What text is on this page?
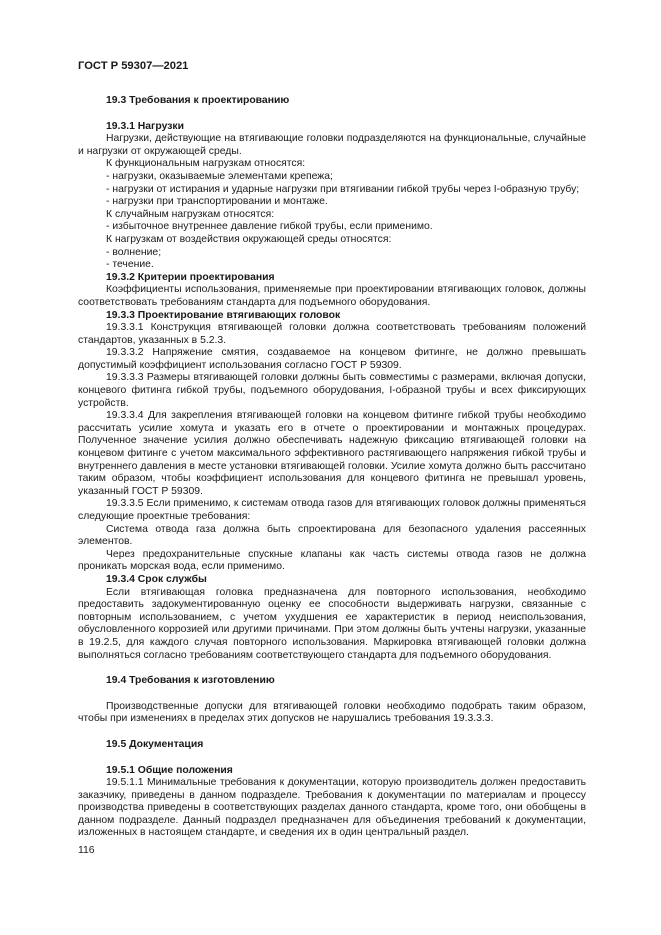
ГОСТ Р 59307—2021

19.3 Требования к проектированию

19.3.1 Нагрузки

Нагрузки, действующие на втягивающие головки подразделяются на функциональные, случайные и нагрузки от окружающей среды.

К функциональным нагрузкам относятся:

- нагрузки, оказываемые элементами крепежа;

- нагрузки от истирания и ударные нагрузки при втягивании гибкой трубы через I-образную трубу;

- нагрузки при транспортировании и монтаже.

К случайным нагрузкам относятся:

- избыточное внутреннее давление гибкой трубы, если применимо.

К нагрузкам от воздействия окружающей среды относятся:

- волнение;

- течение.

19.3.2 Критерии проектирования

Коэффициенты использования, применяемые при проектировании втягивающих головок, должны соответствовать требованиям стандарта для подъемного оборудования.

19.3.3 Проектирование втягивающих головок

19.3.3.1 Конструкция втягивающей головки должна соответствовать требованиям положений стандартов, указанных в 5.2.3.

19.3.3.2 Напряжение смятия, создаваемое на концевом фитинге, не должно превышать допустимый коэффициент использования согласно ГОСТ Р 59309.

19.3.3.3 Размеры втягивающей головки должны быть совместимы с размерами, включая допуски, концевого фитинга гибкой трубы, подъемного оборудования, I-образной трубы и всех фиксирующих устройств.

19.3.3.4 Для закрепления втягивающей головки на концевом фитинге гибкой трубы необходимо рассчитать усилие хомута и указать его в отчете о проектировании и монтажных процедурах. Полученное значение усилия должно обеспечивать надежную фиксацию втягивающей головки на концевом фитинге с учетом максимального эффективного растягивающего напряжения гибкой трубы и внутреннего давления в месте установки втягивающей головки. Усилие хомута должно быть рассчитано таким образом, чтобы коэффициент использования для концевого фитинга не превышал уровень, указанный ГОСТ Р 59309.

19.3.3.5 Если применимо, к системам отвода газов для втягивающих головок должны применяться следующие проектные требования:

Система отвода газа должна быть спроектирована для безопасного удаления рассеянных элементов.

Через предохранительные спускные клапаны как часть системы отвода газов не должна проникать морская вода, если применимо.

19.3.4 Срок службы

Если втягивающая головка предназначена для повторного использования, необходимо предоставить задокументированную оценку ее способности выдерживать нагрузки, связанные с повторным использованием, с учетом ухудшения ее характеристик в период неиспользования, обусловленного коррозией или другими причинами. При этом должны быть учтены нагрузки, указанные в 19.2.5, для каждого случая повторного использования. Маркировка втягивающей головки должна выполняться согласно требованиям соответствующего стандарта для подъемного оборудования.

19.4 Требования к изготовлению

Производственные допуски для втягивающей головки необходимо подобрать таким образом, чтобы при изменениях в пределах этих допусков не нарушались требования 19.3.3.3.

19.5 Документация

19.5.1 Общие положения

19.5.1.1 Минимальные требования к документации, которую производитель должен предоставить заказчику, приведены в данном подразделе. Требования к документации по материалам и процессу производства приведены в соответствующих разделах данного стандарта, кроме того, они обобщены в данном подразделе. Данный подраздел предназначен для объединения требований к документации, изложенных в настоящем стандарте, и сведения их в один центральный раздел.

116
